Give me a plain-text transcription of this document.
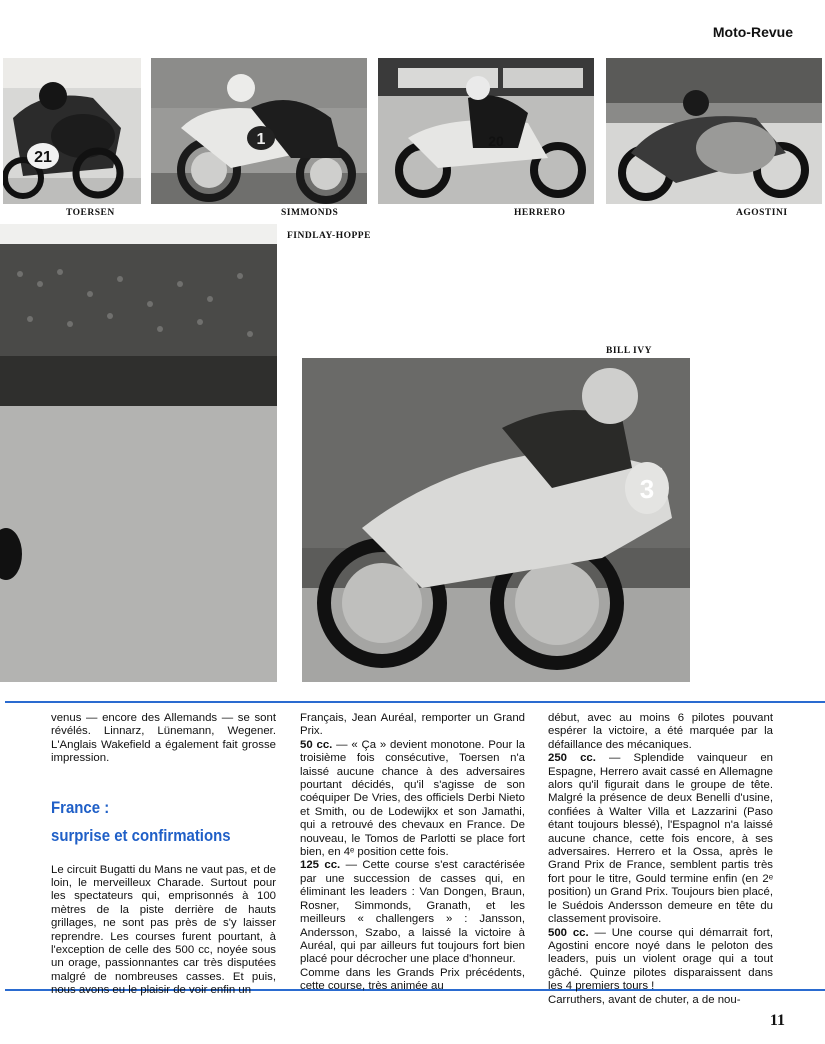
Moto-Revue
21
1	20
TOERSEN	SIMMONDS	HERRERO	AGOSTINI
FINDLAY-HOPPE
BILL IVY
3

venus — encore des Allemands — se sont révélés. Linnarz, Lünemann, Wegener. L'Anglais Wakefield a également fait grosse impression.

France :
surprise et confirmations

Le circuit Bugatti du Mans ne vaut pas, et de loin, le merveilleux Charade. Surtout pour les spectateurs qui, emprisonnés à 100 mètres de la piste derrière de hauts grillages, ne sont pas près de s'y laisser reprendre. Les courses furent pourtant, à l'exception de celle des 500 cc, noyée sous un orage, passionnantes car très disputées malgré de nombreuses casses. Et puis, nous avons eu le plaisir de voir enfin un

Français, Jean Auréal, remporter un Grand Prix.

50 cc. — « Ça » devient monotone. Pour la troisième fois consécutive, Toersen n'a laissé aucune chance à des adversaires pourtant décidés, qu'il s'agisse de son coéquiper De Vries, des officiels Derbi Nieto et Smith, ou de Lodewijkx et son Jamathi, qui a retrouvé des chevaux en France. De nouveau, le Tomos de Parlotti se place fort bien, en 4ᵉ position cette fois.

125 cc. — Cette course s'est caractérisée par une succession de casses qui, en éliminant les leaders : Van Dongen, Braun, Rosner, Simmonds, Granath, et les meilleurs « challengers » : Jansson, Andersson, Szabo, a laissé la victoire à Auréal, qui par ailleurs fut toujours fort bien placé pour décrocher une place d'honneur.

Comme dans les Grands Prix précédents, cette course, très animée au

début, avec au moins 6 pilotes pouvant espérer la victoire, a été marquée par la défaillance des mécaniques.

250 cc. — Splendide vainqueur en Espagne, Herrero avait cassé en Allemagne alors qu'il figurait dans le groupe de tête. Malgré la présence de deux Benelli d'usine, confiées à Walter Villa et Lazzarini (Paso étant toujours blessé), l'Espagnol n'a laissé aucune chance, cette fois encore, à ses adversaires. Herrero et la Ossa, après le Grand Prix de France, semblent partis très fort pour le titre, Gould termine enfin (en 2ᵉ position) un Grand Prix. Toujours bien placé, le Suédois Andersson demeure en tête du classement provisoire.

500 cc. — Une course qui démarrait fort, Agostini encore noyé dans le peloton des leaders, puis un violent orage qui a tout gâché. Quinze pilotes disparaissent dans les 4 premiers tours !

Carruthers, avant de chuter, a de nou-

11
